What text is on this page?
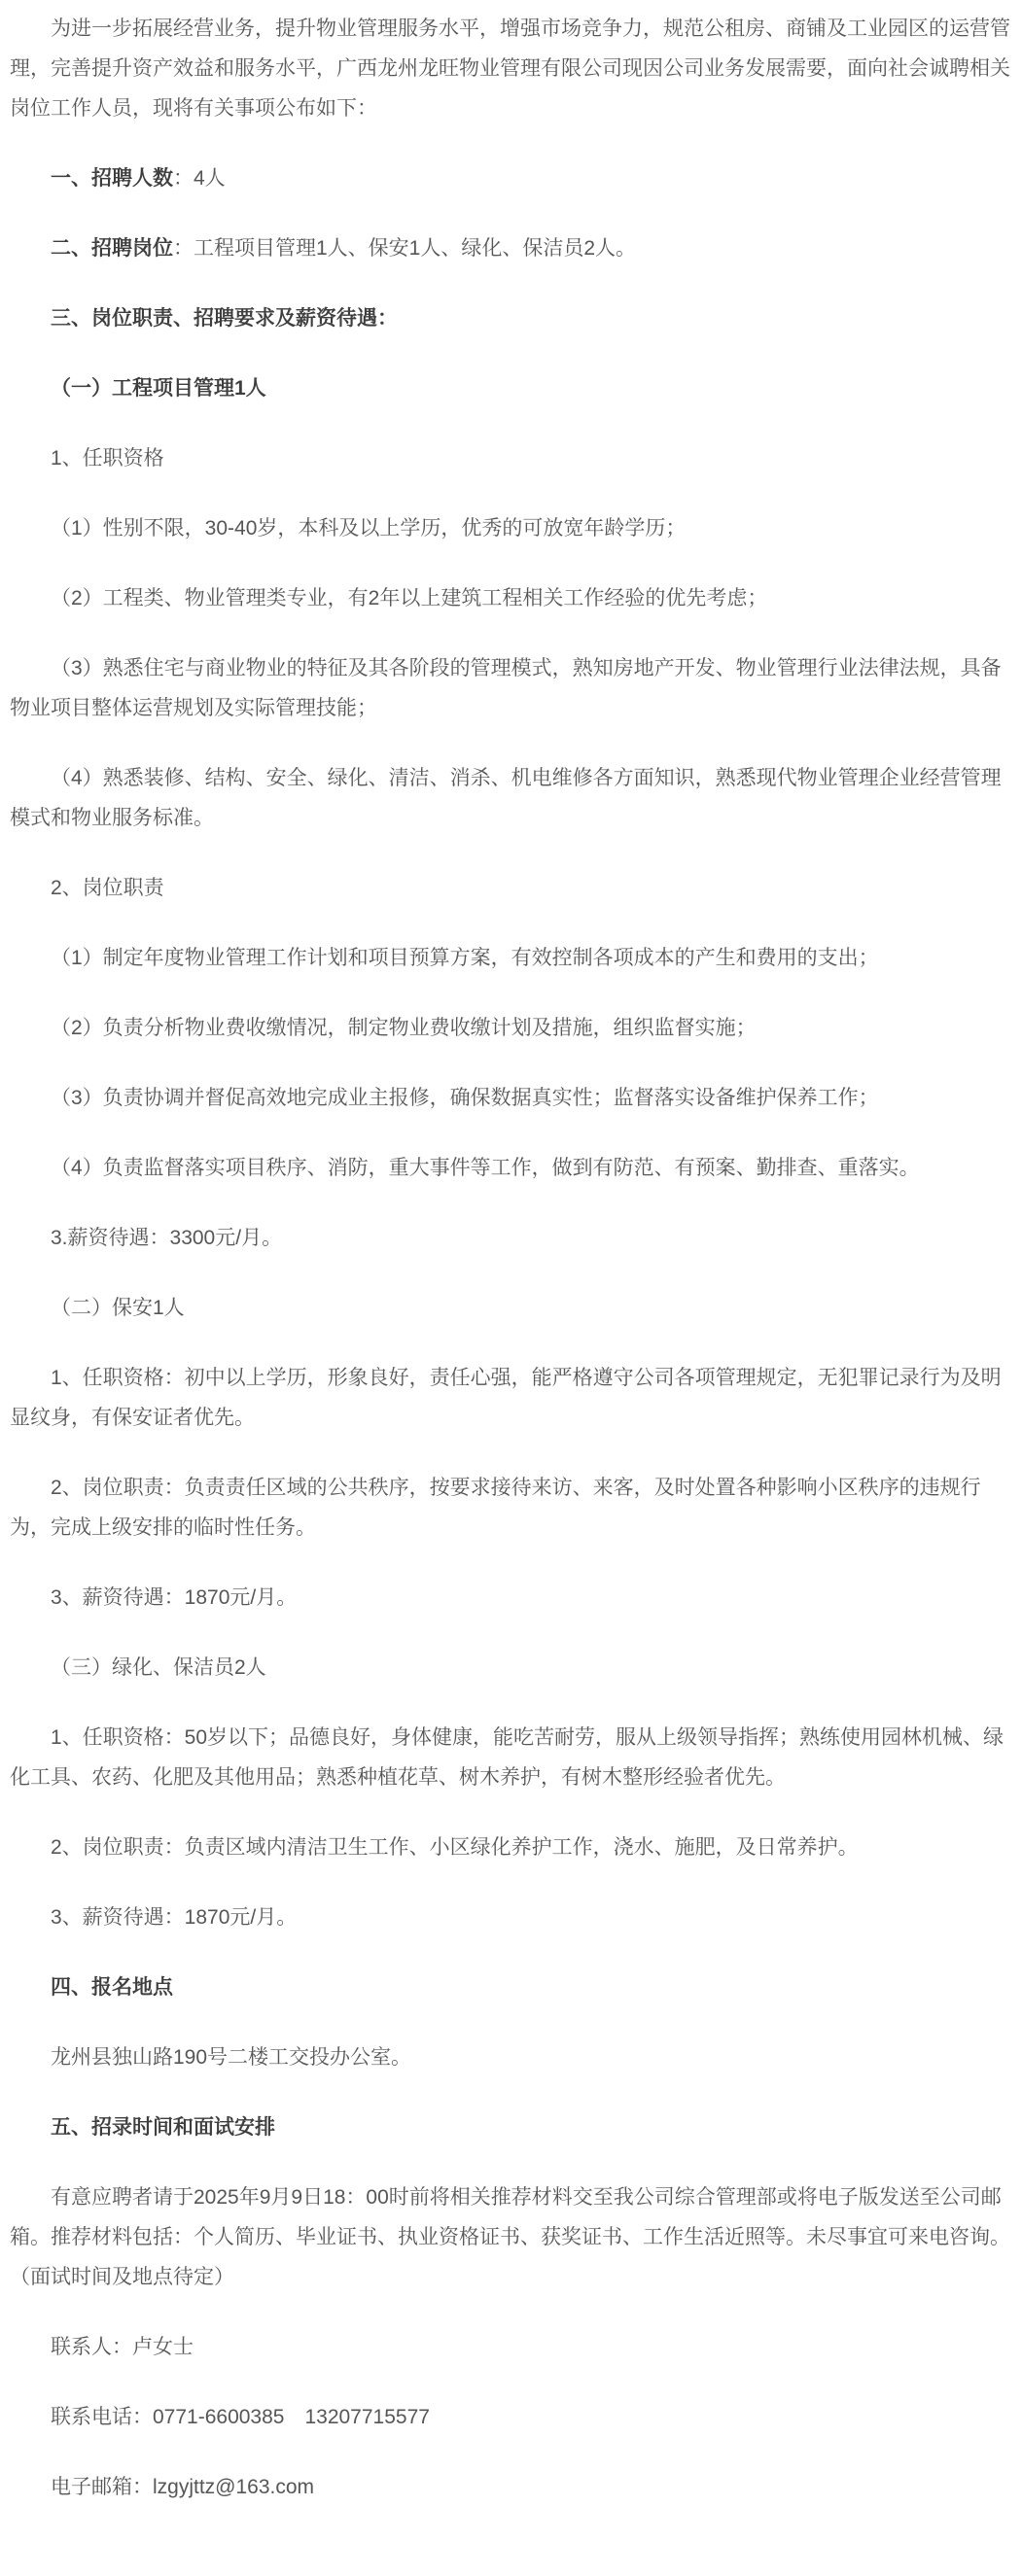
为进一步拓展经营业务，提升物业管理服务水平，增强市场竞争力，规范公租房、商铺及工业园区的运营管理，完善提升资产效益和服务水平，广西龙州龙旺物业管理有限公司现因公司业务发展需要，面向社会诚聘相关岗位工作人员，现将有关事项公布如下：

一、招聘人数：4人

二、招聘岗位：工程项目管理1人、保安1人、绿化、保洁员2人。

三、岗位职责、招聘要求及薪资待遇：

（一）工程项目管理1人

1、任职资格

（1）性别不限，30-40岁，本科及以上学历，优秀的可放宽年龄学历；

（2）工程类、物业管理类专业，有2年以上建筑工程相关工作经验的优先考虑；

（3）熟悉住宅与商业物业的特征及其各阶段的管理模式，熟知房地产开发、物业管理行业法律法规，具备物业项目整体运营规划及实际管理技能；

（4）熟悉装修、结构、安全、绿化、清洁、消杀、机电维修各方面知识，熟悉现代物业管理企业经营管理模式和物业服务标准。

2、岗位职责

（1）制定年度物业管理工作计划和项目预算方案，有效控制各项成本的产生和费用的支出；

（2）负责分析物业费收缴情况，制定物业费收缴计划及措施，组织监督实施；

（3）负责协调并督促高效地完成业主报修，确保数据真实性；监督落实设备维护保养工作；

（4）负责监督落实项目秩序、消防，重大事件等工作，做到有防范、有预案、勤排查、重落实。

3.薪资待遇：3300元/月。

（二）保安1人

1、任职资格：初中以上学历，形象良好，责任心强，能严格遵守公司各项管理规定，无犯罪记录行为及明显纹身，有保安证者优先。

2、岗位职责：负责责任区域的公共秩序，按要求接待来访、来客，及时处置各种影响小区秩序的违规行为，完成上级安排的临时性任务。

3、薪资待遇：1870元/月。

（三）绿化、保洁员2人

1、任职资格：50岁以下；品德良好，身体健康，能吃苦耐劳，服从上级领导指挥；熟练使用园林机械、绿化工具、农药、化肥及其他用品；熟悉种植花草、树木养护，有树木整形经验者优先。

2、岗位职责：负责区域内清洁卫生工作、小区绿化养护工作，浇水、施肥，及日常养护。

3、薪资待遇：1870元/月。

四、报名地点

龙州县独山路190号二楼工交投办公室。

五、招录时间和面试安排

有意应聘者请于2025年9月9日18：00时前将相关推荐材料交至我公司综合管理部或将电子版发送至公司邮箱。推荐材料包括：个人简历、毕业证书、执业资格证书、获奖证书、工作生活近照等。未尽事宜可来电咨询。（面试时间及地点待定）

联系人：卢女士

联系电话：0771-6600385　13207715577

电子邮箱：lzgyjttz@163.com
